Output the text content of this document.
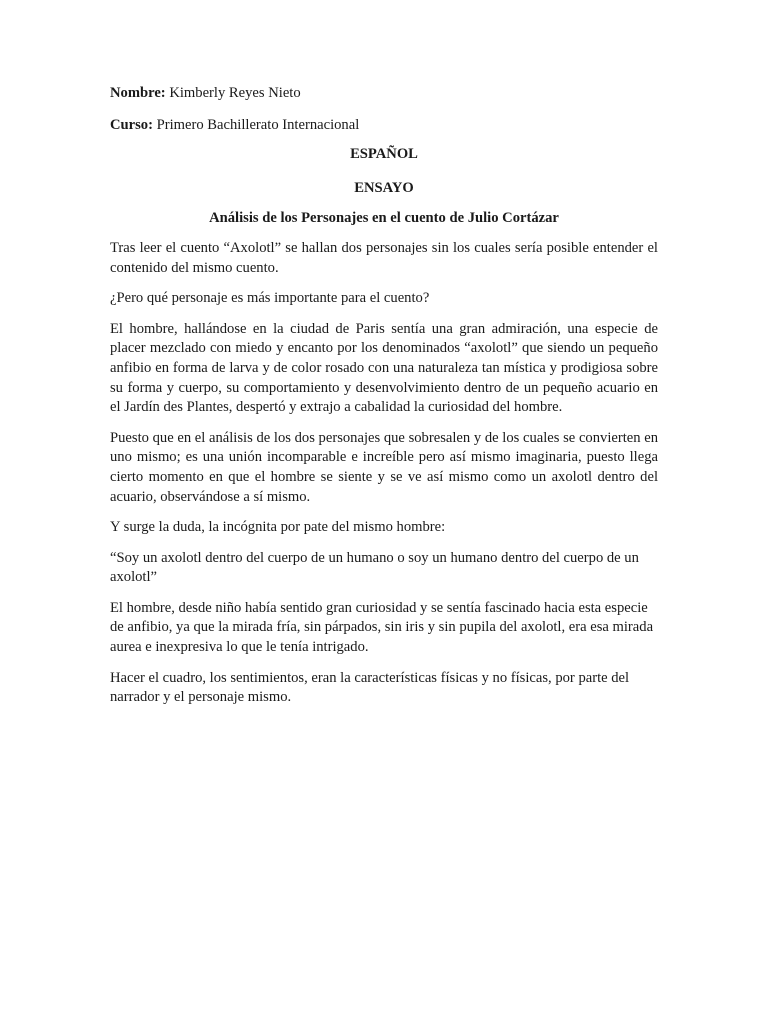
Nombre: Kimberly Reyes Nieto

Curso: Primero Bachillerato Internacional

ESPAÑOL

ENSAYO

Análisis de los Personajes en el cuento de Julio Cortázar

Tras leer el cuento “Axolotl” se hallan dos personajes sin los cuales sería posible entender el contenido del mismo cuento.

¿Pero qué personaje es más importante para el cuento?

El hombre, hallándose en la ciudad de Paris sentía una gran admiración, una especie de placer mezclado con miedo y encanto por los denominados “axolotl” que siendo un pequeño anfibio en forma de larva y de color rosado con una naturaleza tan mística y prodigiosa sobre su forma y cuerpo, su comportamiento y desenvolvimiento dentro de un pequeño acuario en el Jardín des Plantes, despertó y extrajo a cabalidad la curiosidad del hombre.

Puesto que en el análisis de los dos personajes que sobresalen y de los cuales se convierten en uno mismo; es una unión incomparable e increíble pero así mismo imaginaria, puesto llega cierto momento en que el hombre se siente y se ve así mismo como un axolotl dentro del acuario, observándose a sí mismo.

Y surge la duda, la incógnita por pate del mismo hombre:

“Soy un axolotl dentro del cuerpo de un humano o soy un humano dentro del cuerpo de un axolotl”

El hombre, desde niño había sentido gran curiosidad y se sentía fascinado hacia esta especie de anfibio, ya que la mirada fría, sin párpados, sin iris y sin pupila del axolotl, era esa mirada aurea e inexpresiva lo que le tenía intrigado.

Hacer el cuadro, los sentimientos, eran la características físicas y no físicas, por parte del narrador y el personaje mismo.
